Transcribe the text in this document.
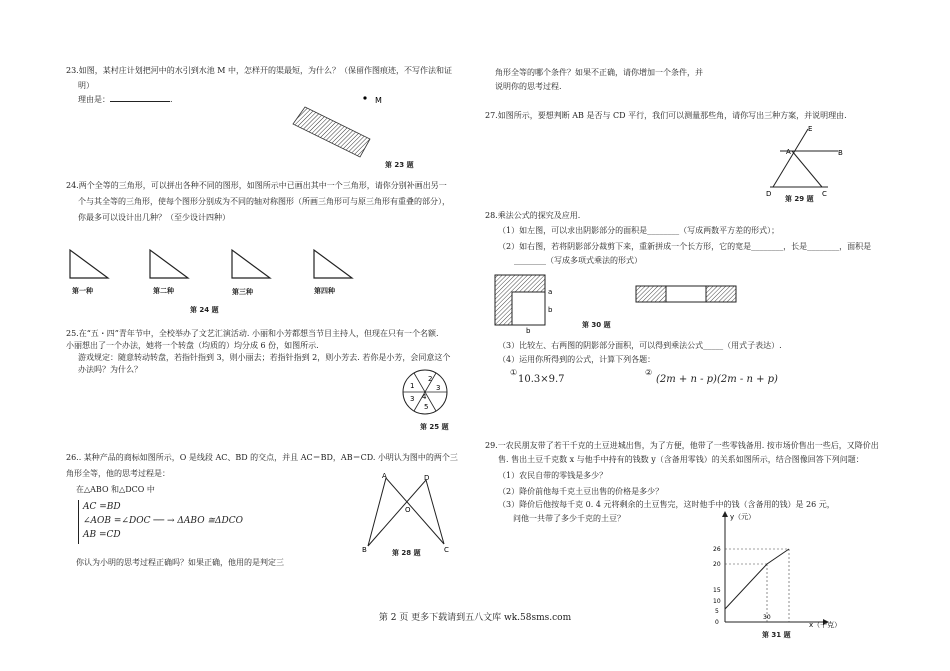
23.如图，某村庄计划把河中的水引到水池 M 中，怎样开的渠最短，为什么？（保留作图痕迹，不写作法和证
明）
理由是：	.	M
第 23 题
24.两个全等的三角形，可以拼出各种不同的图形，如图所示中已画出其中一个三角形，请你分别补画出另一
个与其全等的三角形，使每个图形分别成为不同的轴对称图形（所画三角形可与原三角形有重叠的部分），
你最多可以设计出几种？（至少设计四种）
第一种	第二种	第三种	第四种
第 24 题
25.在“五・四”青年节中，全校举办了文艺汇演活动. 小丽和小芳都想当节目主持人，但现在只有一个名额.
小丽想出了一个办法，她将一个转盘（均质的）均分成 6 份，如图所示.
游戏规定：随意转动转盘，若指针指到 3，则小丽去；若指针指到 2，则小芳去. 若你是小芳，会同意这个
办法吗？为什么？
1
2
3
3 4
5
第 25 题
26.. 某种产品的商标如图所示，O 是线段 AC、BD 的交点，并且 AC＝BD，AB＝CD. 小明认为图中的两个三
角形全等，他的思考过程是：
在△ABO 和△DCO 中
AC =BD
∠AOB =∠DOC ── → ΔABO ≅ΔDCO
AB =CD
你认为小明的思考过程正确吗？如果正确，他用的是判定三
A	D
O
B	C
第 28 题
角形全等的哪个条件？如果不正确，请你增加一个条件，并
说明你的思考过程.
27.如图所示，要想判断 AB 是否与 CD 平行，我们可以测量那些角，请你写出三种方案，并说明理由.
E
A	B
D	C
第 29 题
28.乘法公式的探究及应用.
（1）如左图，可以求出阴影部分的面积是________（写成两数平方差的形式）；
（2）如右图，若将阴影部分裁剪下来，重新拼成一个长方形，它的宽是________，长是________，面积是
________（写成多项式乘法的形式）
a
b
b
第 30 题
（3）比较左、右两图的阴影部分面积，可以得到乘法公式_____（用式子表达）.
（4）运用你所得到的公式，计算下列各题：
①
10.3×9.7
②
(2m + n - p)(2m - n + p)
29.一农民朋友带了若干千克的土豆进城出售，为了方便，他带了一些零钱备用. 按市场价售出一些后，又降价出
售. 售出土豆千克数 x 与他手中持有的钱数 y（含备用零钱）的关系如图所示，结合图像回答下列问题：
（1）农民自带的零钱是多少？
（2）降价前他每千克土豆出售的价格是多少？
（3）降价后他按每千克 0. 4 元将剩余的土豆售完，这时他手中的钱（含备用的钱）是 26 元，
问他一共带了多少千克的土豆？	y（元）
x（千克）
26
20
15
10
5
0
30
第 31 题
第 2 页 更多下载请到五八文库 wk.58sms.com
